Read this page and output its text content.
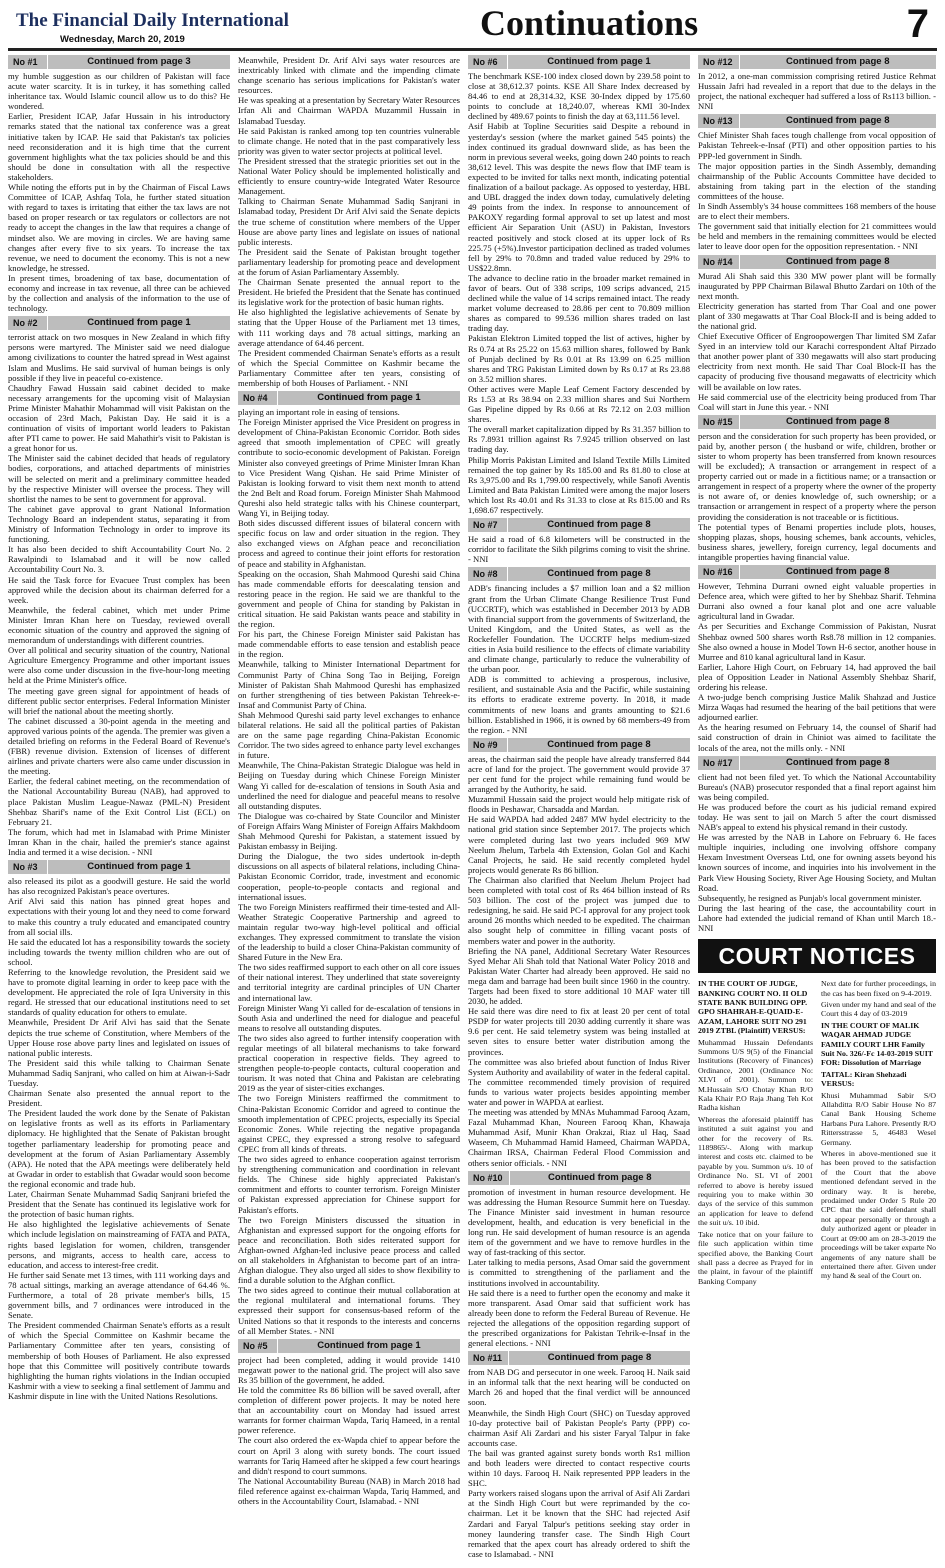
The Financial Daily International
Wednesday, March 20, 2019	Continuations	7
No #1	Continued from page 3

my humble suggestion as our children of Pakistan will face acute water scarcity. It is in turkey, it has something called inheritance tax. Would Islamic council allow us to do this? He wondered.
Earlier, President ICAP, Jafar Hussain in his introductory remarks stated that the national tax conference was a great initiative taken by ICAP. He said that Pakistan's tax policies need reconsideration and it is high time that the current government highlights what the tax policies should be and this should be done in consultation with all the respective stakeholders.
While noting the efforts put in by the Chairman of Fiscal Laws Committee of ICAP, Ashfaq Tola, he further stated situation with regard to taxes is irritating that either the tax laws are not based on proper research or tax regulators or collectors are not ready to accept the changes in the law that requires a change of mindset also. We are moving in circles. We are having same changes after every five to six years. To increase the tax revenue, we need to document the economy. This is not a new knowledge, he stressed.
In present times, broadening of tax base, documentation of economy and increase in tax revenue, all three can be achieved by the collection and analysis of the information to the use of technology.

No #2	Continued from page 1

terrorist attack on two mosques in New Zealand in which fifty persons were martyred. The Minister said we need dialogue among civilizations to counter the hatred spread in West against Islam and Muslims. He said survival of human beings is only possible if they live in peaceful co-existence.
Chaudhry Fawad Hussain said cabinet decided to make necessary arrangements for the upcoming visit of Malaysian Prime Minister Mahathir Mohammad will visit Pakistan on the occasion of 23rd Mach, Pakistan Day. He said it is a continuation of visits of important world leaders to Pakistan after PTI came to power. He said Mahathir's visit to Pakistan is a great honor for us.
The Minister said the cabinet decided that heads of regulatory bodies, corporations, and attached departments of ministries will be selected on merit and a preliminary committee headed by the respective Minister will oversee the process. They will shortlist the names to be sent to government for approval.
The cabinet gave approval to grant National Information Technology Board an independent status, separating it from Ministry of Information Technology in order to improve its functioning.
It has also been decided to shift Accountability Court No. 2 Rawalpindi to Islamabad and it will be now called Accountability Court No. 3.
He said the Task force for Evacuee Trust complex has been approved while the decision about its chairman deferred for a week.
Meanwhile, the federal cabinet, which met under Prime Minister Imran Khan here on Tuesday, reviewed overall economic situation of the country and approved the signing of memorandum of understandings with different countries.
Over all political and security situation of the country, National Agriculture Emergency Programme and other important issues were also come under discussion in the five-hour-long meeting held at the Prime Minister's office.
The meeting gave green signal for appointment of heads of different public sector enterprises. Federal Information Minister will brief the national about the meeting shortly.
The cabinet discussed a 30-point agenda in the meeting and approved various points of the agenda. The premier was given a detailed briefing on reforms in the Federal Board of Revenue's (FBR) revenue division. Extension of licenses of different airlines and private charters were also came under discussion in the meeting.
Earlier, the federal cabinet meeting, on the recommendation of the National Accountability Bureau (NAB), had approved to place Pakistan Muslim League-Nawaz (PML-N) President Shehbaz Sharif's name of the Exit Control List (ECL) on February 21.
The forum, which had met in Islamabad with Prime Minister Imran Khan in the chair, hailed the premier's stance against India and termed it a wise decision. - NNI

No #3	Continued from page 1

also released its pilot as a goodwill gesture. He said the world has also recognized Pakistan's peace overtures.
Arif Alvi said this nation has pinned great hopes and expectations with their young lot and they need to come forward to make this country a truly educated and emancipated country from all social ills.
He said the educated lot has a responsibility towards the society including towards the twenty million children who are out of school.
Referring to the knowledge revolution, the President said we have to promote digital learning in order to keep pace with the development. He appreciated the role of Iqra University in this regard. He stressed that our educational institutions need to set standards of quality education for others to emulate.
Meanwhile, President Dr Arif Alvi has said that the Senate depicts the true scheme of Constitution, where Members of the Upper House rose above party lines and legislated on issues of national public interests.
The President said this while talking to Chairman Senate Muhammad Sadiq Sanjrani, who called on him at Aiwan-i-Sadr Tuesday.
Chairman Senate also presented the annual report to the President.
The President lauded the work done by the Senate of Pakistan on legislative fronts as well as its efforts in Parliamentary diplomacy. He highlighted that the Senate of Pakistan brought together parliamentary leadership for promoting peace and development at the forum of Asian Parliamentary Assembly (APA). He noted that the APA meetings were deliberately held at Gwadar in order to establish that Gwadar would soon become the regional economic and trade hub.
Later, Chairman Senate Muhammad Sadiq Sanjrani briefed the President that the Senate has continued its legislative work for the protection of basic human rights.
He also highlighted the legislative achievements of Senate which include legislation on mainstreaming of FATA and PATA, rights based legislation for women, children, transgender persons, and migrants, access to health care, access to education, and access to interest-free credit.
He further said Senate met 13 times, with 111 working days and 78 actual sittings, marking an average attendance of 64.46 %. Furthermore, a total of 28 private member's bills, 15 government bills, and 7 ordinances were introduced in the Senate.
The President commended Chairman Senate's efforts as a result of which the Special Committee on Kashmir became the Parliamentary Committee after ten years, consisting of membership of both Houses of Parliament. He also expressed hope that this Committee will positively contribute towards highlighting the human rights violations in the Indian occupied Kashmir with a view to seeking a final settlement of Jammu and Kashmir dispute in line with the United Nations Resolutions.

Meanwhile, President Dr. Arif Alvi says water resources are inextricably linked with climate and the impending climate change scenario has serious implications for Pakistan's water resources.
He was speaking at a presentation by Secretary Water Resources Irfan Ali and Chairman WAPDA Muzammil Hussain in Islamabad Tuesday.
He said Pakistan is ranked among top ten countries vulnerable to climate change. He noted that in the past comparatively less priority was given to water sector projects at political level.
The President stressed that the strategic priorities set out in the National Water Policy should be implemented holistically and efficiently to ensure country-wide Integrated Water Resource Management.
Talking to Chairman Senate Muhammad Sadiq Sanjrani in Islamabad today, President Dr Arif Alvi said the Senate depicts the true scheme of constitution where members of the Upper House are above party lines and legislate on issues of national public interests.
The President said the Senate of Pakistan brought together parliamentary leadership for promoting peace and development at the forum of Asian Parliamentary Assembly.
The Chairman Senate presented the annual report to the President. He briefed the President that the Senate has continued its legislative work for the protection of basic human rights.
He also highlighted the legislative achievements of Senate by stating that the Upper House of the Parliament met 13 times, with 111 working days and 78 actual sittings, marking an average attendance of 64.46 percent.
The President commended Chairman Senate's efforts as a result of which the Special Committee on Kashmir became the Parliamentary Committee after ten years, consisting of membership of both Houses of Parliament. - NNI

No #4	Continued from page 1

playing an important role in easing of tensions.
The Foreign Minister apprised the Vice President on progress in development of China-Pakistan Economic Corridor. Both sides agreed that smooth implementation of CPEC will greatly contribute to socio-economic development of Pakistan. Foreign Minister also conveyed greetings of Prime Minister Imran Khan to Vice President Wang Qishan. He said Prime Minister of Pakistan is looking forward to visit them next month to attend the 2nd Belt and Road forum. Foreign Minister Shah Mahmood Qureshi also held strategic talks with his Chinese counterpart, Wang Yi, in Beijing today.
Both sides discussed different issues of bilateral concern with specific focus on law and order situation in the region. They also exchanged views on Afghan peace and reconciliation process and agreed to continue their joint efforts for restoration of peace and stability in Afghanistan.
Speaking on the occasion, Shah Mahmood Qureshi said China has made commendable efforts for deescalating tension and restoring peace in the region. He said we are thankful to the government and people of China for standing by Pakistan in critical situation. He said Pakistan wants peace and stability in the region.
For his part, the Chinese Foreign Minister said Pakistan has made commendable efforts to ease tension and establish peace in the region.
Meanwhile, talking to Minister International Department for Communist Party of China Song Tao in Beijing, Foreign Minister of Pakistan Shah Mahmood Qureshi has emphasized on further strengthening of ties between Pakistan Tehreek-e-Insaf and Communist Party of China.
Shah Mehmood Qureshi said party level exchanges to enhance bilateral relations. He said all the political parties of Pakistan are on the same page regarding China-Pakistan Economic Corridor. The two sides agreed to enhance party level exchanges in future.
Meanwhile, The China-Pakistan Strategic Dialogue was held in Beijing on Tuesday during which Chinese Foreign Minister Wang Yi called for de-escalation of tensions in South Asia and underlined the need for dialogue and peaceful means to resolve all outstanding disputes.
The Dialogue was co-chaired by State Councilor and Minister of Foreign Affairs Wang Minister of Foreign Affairs Makhdoom Shah Mehmood Qureshi for Pakistan, a statement issued by Pakistan embassy in Beijing.
During the Dialogue, the two sides undertook in-depth discussions on all aspects of bilateral relations, including China-Pakistan Economic Corridor, trade, investment and economic cooperation, people-to-people contacts and regional and international issues.
The two Foreign Ministers reaffirmed their time-tested and All-Weather Strategic Cooperative Partnership and agreed to maintain regular two-way high-level political and official exchanges. They expressed commitment to translate the vision of the leadership to build a closer China-Pakistan community of Shared Future in the New Era.
The two sides reaffirmed support to each other on all core issues of their national interest. They underlined that state sovereignty and territorial integrity are cardinal principles of UN Charter and international law.
Foreign Minister Wang Yi called for de-escalation of tensions in South Asia and underlined the need for dialogue and peaceful means to resolve all outstanding disputes.
The two sides also agreed to further intensify cooperation with regular meetings of all bilateral mechanisms to take forward practical cooperation in respective fields. They agreed to strengthen people-to-people contacts, cultural cooperation and tourism. It was noted that China and Pakistan are celebrating 2019 as the year of sister-cities exchanges.
The two Foreign Ministers reaffirmed the commitment to China-Pakistan Economic Corridor and agreed to continue the smooth implementation of CPEC projects, especially its Special Economic Zones. While rejecting the negative propaganda against CPEC, they expressed a strong resolve to safeguard CPEC from all kinds of threats.
The two sides agreed to enhance cooperation against terrorism by strengthening communication and coordination in relevant fields. The Chinese side highly appreciated Pakistan's commitment and efforts to counter terrorism. Foreign Minister of Pakistan expressed appreciation for Chinese support for Pakistan's efforts.
The two Foreign Ministers discussed the situation in Afghanistan and expressed support for the ongoing efforts for peace and reconciliation. Both sides reiterated support for Afghan-owned Afghan-led inclusive peace process and called on all stakeholders in Afghanistan to become part of an intra-Afghan dialogue. They also urged all sides to show flexibility to find a durable solution to the Afghan conflict.
The two sides agreed to continue their mutual collaboration at the regional multilateral and international forums. They expressed their support for consensus-based reform of the United Nations so that it responds to the interests and concerns of all Member States. - NNI

No #5	Continued from page 1

project had been completed, adding it would provide 1410 megawatt power to the national grid. The project will also save Rs 35 billion of the government, he added.
He told the committee Rs 86 billion will be saved overall, after completion of different power projects. It may be noted here that an accountability court on Monday had issued arrest warrants for former chairman Wapda, Tariq Hameed, in a rental power reference.
The court also ordered the ex-Wapda chief to appear before the court on April 3 along with surety bonds. The court issued warrants for Tariq Hameed after he skipped a few court hearings and didn't respond to court summons.
The National Accountability Bureau (NAB) in March 2018 had filed reference against ex-chairman Wapda, Tariq Hammed, and others in the Accountability Court, Islamabad. - NNI

No #6	Continued from page 1

The benchmark KSE-100 index closed down by 239.58 point to close at 38,612.37 points. KSE All Share Index decreased by 84.46 to end at 28,314.32, KSE 30-Index dipped by 175.60 points to conclude at 18,240.07, whereas KMI 30-Index declined by 489.67 points to finish the day at 63,111.56 level.
Asif Habib at Topline Securities said Despite a rebound in yesterday's session (where the market gained 545 points) the index continued its gradual downward slide, as has been the norm in previous several weeks, going down 240 points to reach 38,612 level. This was despite the news flow that IMF team is expected to be invited for talks next month, indicating potential finalization of a bailout package. As opposed to yesterday, HBL and UBL dragged the index down today, cumulatively deleting 49 points from the index. In response to announcement of PAKOXY regarding formal approval to set up latest and most efficient Air Separation Unit (ASU) in Pakistan, Investors reacted positively and stock closed at its upper lock of Rs 225.75 (+5%).Investor participation declined as traded volumes fell by 29% to 70.8mn and traded value reduced by 29% to US$22.8mn.
The advance to decline ratio in the broader market remained in favor of bears. Out of 338 scrips, 109 scrips advanced, 215 declined while the value of 14 scrips remained intact. The ready market volume decreased to 28.86 per cent to 70.809 million shares as compared to 99.536 million shares traded on last trading day.
Pakistan Elektron Limited topped the list of actives, higher by Rs 0.74 at Rs 25.22 on 15.63 million shares, followed by Bank of Punjab declined by Rs 0.01 at Rs 13.99 on 6.25 million shares and TRG Pakistan Limited down by Rs 0.17 at Rs 23.88 on 3.52 million shares.
Other actives were Maple Leaf Cement Factory descended by Rs 1.53 at Rs 38.94 on 2.33 million shares and Sui Northern Gas Pipeline dipped by Rs 0.66 at Rs 72.12 on 2.03 million shares.
The overall market capitalization dipped by Rs 31.357 billion to Rs 7.8931 trillion against Rs 7.9245 trillion observed on last trading day.
Philip Morris Pakistan Limited and Island Textile Mills Limited remained the top gainer by Rs 185.00 and Rs 81.80 to close at Rs 3,975.00 and Rs 1,799.00 respectively, while Sanofi Aventis Limited and Bata Pakistan Limited were among the major losers which lost Rs 40.01 and Rs 31.33 to close at Rs 815.00 and Rs 1,698.67 respectively.

No #7	Continued from page 8

He said a road of 6.8 kilometers will be constructed in the corridor to facilitate the Sikh pilgrims coming to visit the shrine. - NNI

No #8	Continued from page 8

ADB's financing includes a $7 million loan and a $2 million grant from the Urban Climate Change Resilience Trust Fund (UCCRTF), which was established in December 2013 by ADB with financial support from the governments of Switzerland, the United Kingdom, and the United States, as well as the Rockefeller Foundation. The UCCRTF helps medium-sized cities in Asia build resilience to the effects of climate variability and climate change, particularly to reduce the vulnerability of the urban poor.
ADB is committed to achieving a prosperous, inclusive, resilient, and sustainable Asia and the Pacific, while sustaining its efforts to eradicate extreme poverty. In 2018, it made commitments of new loans and grants amounting to $21.6 billion. Established in 1966, it is owned by 68 members-49 from the region. - NNI

No #9	Continued from page 8

areas, the chairman said the people have already transferred 844 acre of land for the project. The government would provide 37 per cent fund for the project while remaining fund would be arranged by the Authority, he said.
Muzammil Hussain said the project would help mitigate risk of floods in Peshawar, Charsadda and Mardan.
He said WAPDA had added 2487 MW hydel electricity to the national grid station since September 2017. The projects which were completed during last two years included 969 MW Neelum Jhelum, Tarbela 4th Extension, Golan Gol and Kachi Canal Projects, he said. He said recently completed hydel projects would generate Rs 86 billion.
The Chairman also clarified that Neelum Jhelum Project had been completed with total cost of Rs 464 billion instead of Rs 503 billion. The cost of the project was jumped due to redesigning, he said. He said PC-I approval for any project took around 26 months which needed to be expedited. The chairman also sought help of committee in filling vacant posts of members water and power in the authority.
Briefing the NA panel, Additional Secretary Water Resources Syed Mehar Ali Shah told that National Water Policy 2018 and Pakistan Water Charter had already been approved. He said no mega dam and barrage had been built since 1960 in the country. Targets had been fixed to store additional 10 MAF water till 2030, he added.
He said there was dire need to fix at least 20 per cent of total PSDP for water projects till 2030 adding currently it share was 9.6 per cent. He said telemetry system was being installed at seven sites to ensure better water distribution among the provinces.
The committee was also briefed about function of Indus River System Authority and availability of water in the federal capital. The committee recommended timely provision of required funds to various water projects besides appointing member water and power in WAPDA at earliest.
The meeting was attended by MNAs Muhammad Farooq Azam, Fazal Muhammad Khan, Noureen Farooq Khan, Khawaja Muhammad Asif, Munir Khan Orakzai, Riaz ul Haq, Saad Waseem, Ch Muhammad Hamid Hameed, Chairman WAPDA, Chairman IRSA, Chairman Federal Flood Commission and others senior officials. - NNI

No #10	Continued from page 8

promotion of investment in human resource development. He was addressing the Human Resource Summit here on Tuesday. The Finance Minister said investment in human resource development, health, and education is very beneficial in the long run. He said development of human resource is an agenda item of the government and we have to remove hurdles in the way of fast-tracking of this sector.
Later talking to media persons, Asad Omar said the government is committed to strengthening of the parliament and the institutions involved in accountability.
He said there is a need to further open the economy and make it more transparent. Asad Omar said that sufficient work has already been done to reform the Federal Bureau of Revenue. He rejected the allegations of the opposition regarding support of the prescribed organizations for Pakistan Tehrik-e-Insaf in the general elections. - NNI

No #11	Continued from page 8

from NAB DG and persecutor in one week. Farooq H. Naik said in an informal talk that the next hearing will be conducted on March 26 and hoped that the final verdict will be announced soon.
Meanwhile, the Sindh High Court (SHC) on Tuesday approved 10-day protective bail of Pakistan People's Party (PPP) co-chairman Asif Ali Zardari and his sister Faryal Talpur in fake accounts case.
The bail was granted against surety bonds worth Rs1 million and both leaders were directed to contact respective courts within 10 days. Farooq H. Naik represented PPP leaders in the SHC.
Party workers raised slogans upon the arrival of Asif Ali Zardari at the Sindh High Court but were reprimanded by the co-chairman. Let it be known that the SHC had rejected Asif Zardari and Faryal Talpur's petitions seeking stay order in money laundering transfer case. The Sindh High Court remarked that the apex court has already ordered to shift the case to Islamabad. - NNI

No #12	Continued from page 8

In 2012, a one-man commission comprising retired Justice Rehmat Hussain Jafri had revealed in a report that due to the delays in the project, the national exchequer had suffered a loss of Rs113 billion. - NNI

No #13	Continued from page 8

Chief Minister Shah faces tough challenge from vocal opposition of Pakistan Tehreek-e-Insaf (PTI) and other opposition parties to his PPP-led government in Sindh.
The major opposition parties in the Sindh Assembly, demanding chairmanship of the Public Accounts Committee have decided to abstaining from taking part in the election of the standing committees of the house.
In Sindh Assembly's 34 house committees 168 members of the house are to elect their members.
The government said that initially election for 21 committees would be held and members in the remaining committees would be elected later to leave door open for the opposition representation. - NNI

No #14	Continued from page 8

Murad Ali Shah said this 330 MW power plant will be formally inaugurated by PPP Chairman Bilawal Bhutto Zardari on 10th of the next month.
Electricity generation has started from Thar Coal and one power plant of 330 megawatts at Thar Coal Block-II and is being added to the national grid.
Chief Executive Officer of Engroopowergen Thar limited SM Zafar Syed in an interview told our Karachi correspondent Altaf Pirzado that another power plant of 330 megawatts will also start producing electricity from next month. He said Thar Coal Block-II has the capacity of producing five thousand megawatts of electricity which will be available on low rates.
He said commercial use of the electricity being produced from Thar Coal will start in June this year. - NNI

No #15	Continued from page 8

person and the consideration for such property has been provided, or paid by, another person ( the husband or wife, children, brother or sister to whom property has been transferred from known resources will be excluded); A transaction or arrangement in respect of a property carried out or made in a fictitious name; or a transaction or arrangement in respect of a property where the owner of the property is not aware of, or denies knowledge of, such ownership; or a transaction or arrangement in respect of a property where the person providing the consideration is not traceable or is fictitious.
The potential types of Benami properties include plots, houses, shopping plazas, shops, housing schemes, bank accounts, vehicles, business shares, jewellery, foreign currency, legal documents and intangible properties having financial value.

No #16	Continued from page 8

However, Tehmina Durrani owned eight valuable properties in Defence area, which were gifted to her by Shehbaz Sharif. Tehmina Durrani also owned a four kanal plot and one acre valuable agricultural land in Gwadar.
As per Securities and Exchange Commission of Pakistan, Nusrat Shehbaz owned 500 shares worth Rs8.78 million in 12 companies. She also owned a house in Model Town H-6 sector, another house in Murree and 810 kanal agricultural land in Kasur.
Earlier, Lahore High Court, on February 14, had approved the bail plea of Opposition Leader in National Assembly Shehbaz Sharif, ordering his release.
A two-judge bench comprising Justice Malik Shahzad and Justice Mirza Waqas had resumed the hearing of the bail petitions that were adjourned earlier.
As the hearing resumed on February 14, the counsel of Sharif had said construction of drain in Chiniot was aimed to facilitate the locals of the area, not the mills only. - NNI

No #17	Continued from page 8

client had not been filed yet. To which the National Accountability Bureau's (NAB) prosecutor responded that a final report against him was being compiled.
He was produced before the court as his judicial remand expired today. He was sent to jail on March 5 after the court dismissed NAB's appeal to extend his physical remand in their custody.
He was arrested by the NAB in Lahore on February 6. He faces multiple inquiries, including one involving offshore company Hexam Investment Overseas Ltd, one for owning assets beyond his known sources of income, and inquiries into his involvement in the Park View Housing Society, River Age Housing Society, and Multan Road.
Subsequently, he resigned as Punjab's local government minister.
During the last hearing of the case, the accountability court in Lahore had extended the judicial remand of Khan until March 18.-NNI

COURT NOTICES

IN THE COURT OF JUDGE, BANKING COURT NO. II OLD STATE BANK BUILDING OPP. GPO SHAHRAH-E-QUAID-E-AZAM, LAHORE SUIT NO 291 2019 ZTBL (Plaintiff) VERSUS:

Muhammad Hussain Defendants Summons U/S 9(5) of the Financial Institutions (Recovery of Finances) Ordinance, 2001 (Ordinance No: XLVI of 2001). Summon to: M.Hussain S/O Chotay Khan R/O Kala Khair P.O Raja Jhang Teh Kot Radha kishan

Whereas the aforesaid plaintiff has instituted a suit against you and other for the recovery of Rs. 1189865/-. Along with markup interest and costs etc. claimed to be payable by you. Summon u/s. 10 of Ordinance No. SL VI of 2001 referred to above is hereby issued requiring you to make within 30 days of the service of this summon an application for leave to defend the suit u/s. 10 ibid.

Take notice that on your failure to file such application within time specified above, the Banking Court shall pass a decree as Prayed for in the plaint, in favour of the plaintiff Banking Company

Next date for further proceedings, in the cas has been fixed on 9-4-2019.

Given under my hand and seal of the Court this 4 day of 03-2019

IN THE COURT OF MALIK WAQAR AHMAD JUDGE FAMILY COURT LHR Family Suit No. 326/-Fc 14-03-2019 SUIT FOR: Dissolution of Marriage

TAITAL: Kiran Shehzadi VERSUS:

Khusi Muhammad Sabir S/O Allahditta R/O Sabir House No 87 Canal Bank Housing Scheme Harbans Pura Lahore. Presently R/O Rittersstrasse 5, 46483 Wesel Germany.

Wheres in above-mentioned sue it has been proved to the satisfaction of the Court that the above mentioned defendant served in the ordinary way. It is herebe, prodaimed under Order 5 Rule 20 CPC that the said defendant shall not appear personally or through a duly authorized agent or pleader in Court at 09:00 am on 28-3-2019 the proceedings will be taker exparte No angements of any nature shall be entertained there after. Given under my hand & seal of the Court on.
